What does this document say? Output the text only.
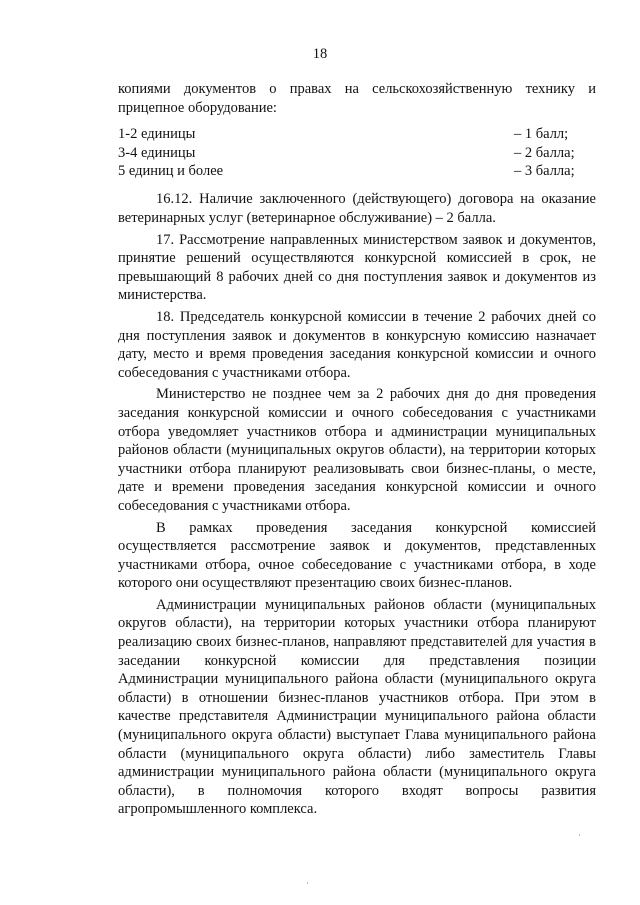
18

копиями документов о правах на сельскохозяйственную технику и прицепное оборудование:

1-2 единицы	– 1 балл;
3-4 единицы	– 2 балла;
5 единиц и более	– 3 балла;

16.12. Наличие заключенного (действующего) договора на оказание ветеринарных услуг (ветеринарное обслуживание) – 2 балла.

17. Рассмотрение направленных министерством заявок и документов, принятие решений осуществляются конкурсной комиссией в срок, не превышающий 8 рабочих дней со дня поступления заявок и документов из министерства.

18. Председатель конкурсной комиссии в течение 2 рабочих дней со дня поступления заявок и документов в конкурсную комиссию назначает дату, место и время проведения заседания конкурсной комиссии и очного собеседования с участниками отбора.

Министерство не позднее чем за 2 рабочих дня до дня проведения заседания конкурсной комиссии и очного собеседования с участниками отбора уведомляет участников отбора и администрации муниципальных районов области (муниципальных округов области), на территории которых участники отбора планируют реализовывать свои бизнес-планы, о месте, дате и времени проведения заседания конкурсной комиссии и очного собеседования с участниками отбора.

В рамках проведения заседания конкурсной комиссией осуществляется рассмотрение заявок и документов, представленных участниками отбора, очное собеседование с участниками отбора, в ходе которого они осуществляют презентацию своих бизнес-планов.

Администрации муниципальных районов области (муниципальных округов области), на территории которых участники отбора планируют реализацию своих бизнес-планов, направляют представителей для участия в заседании конкурсной комиссии для представления позиции Администрации муниципального района области (муниципального округа области) в отношении бизнес-планов участников отбора. При этом в качестве представителя Администрации муниципального района области (муниципального округа области) выступает Глава муниципального района области (муниципального округа области) либо заместитель Главы администрации муниципального района области (муниципального округа области), в полномочия которого входят вопросы развития агропромышленного комплекса.

·
·
